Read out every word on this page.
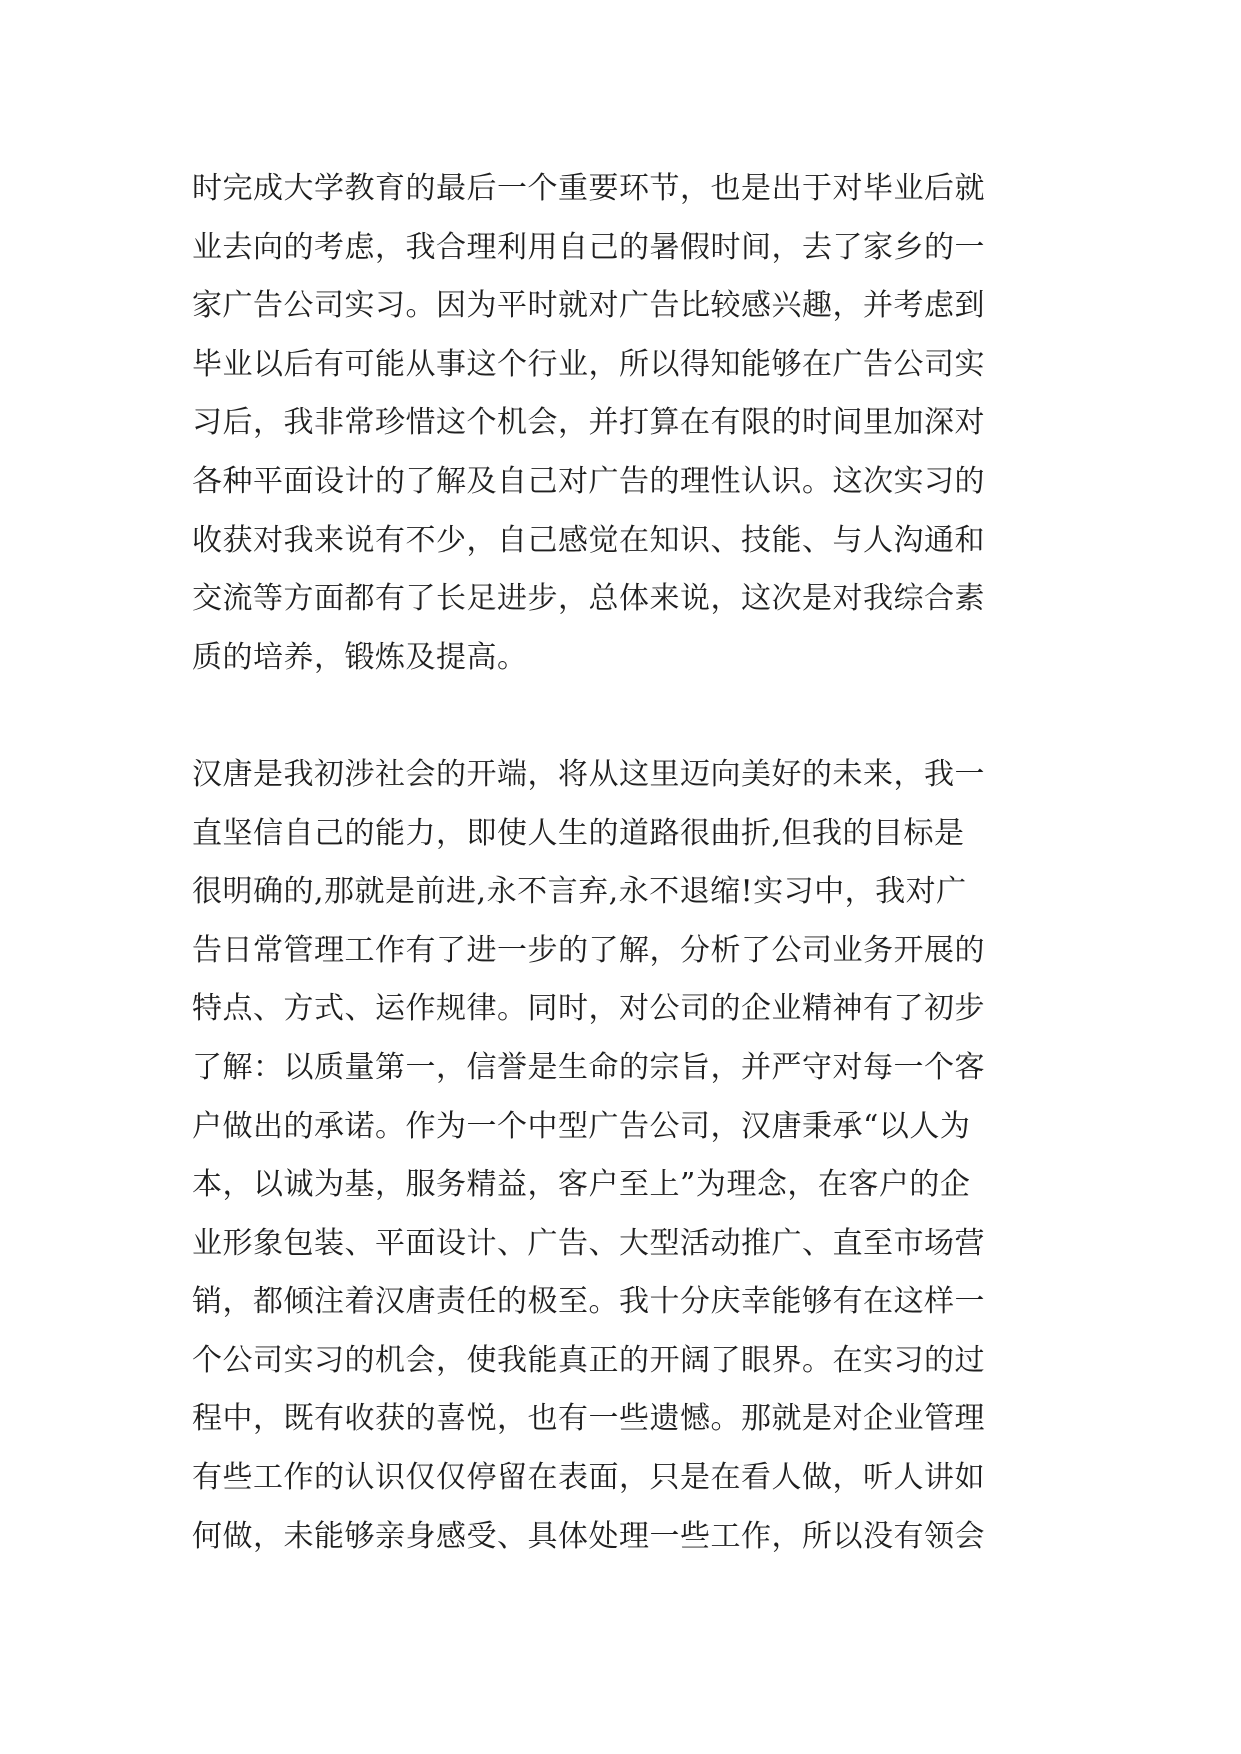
时完成大学教育的最后一个重要环节，也是出于对毕业后就
业去向的考虑，我合理利用自己的暑假时间，去了家乡的一
家广告公司实习。因为平时就对广告比较感兴趣，并考虑到
毕业以后有可能从事这个行业，所以得知能够在广告公司实
习后，我非常珍惜这个机会，并打算在有限的时间里加深对
各种平面设计的了解及自己对广告的理性认识。这次实习的
收获对我来说有不少，自己感觉在知识、技能、与人沟通和
交流等方面都有了长足进步，总体来说，这次是对我综合素
质的培养，锻炼及提高。
汉唐是我初涉社会的开端，将从这里迈向美好的未来，我一
直坚信自己的能力，即使人生的道路很曲折,但我的目标是
很明确的,那就是前进,永不言弃,永不退缩!实习中，我对广
告日常管理工作有了进一步的了解，分析了公司业务开展的
特点、方式、运作规律。同时，对公司的企业精神有了初步
了解：以质量第一，信誉是生命的宗旨，并严守对每一个客
户做出的承诺。作为一个中型广告公司，汉唐秉承“以人为
本，以诚为基，服务精益，客户至上”为理念，在客户的企
业形象包装、平面设计、广告、大型活动推广、直至市场营
销，都倾注着汉唐责任的极至。我十分庆幸能够有在这样一
个公司实习的机会，使我能真正的开阔了眼界。在实习的过
程中，既有收获的喜悦，也有一些遗憾。那就是对企业管理
有些工作的认识仅仅停留在表面，只是在看人做，听人讲如
何做，未能够亲身感受、具体处理一些工作，所以没有领会
